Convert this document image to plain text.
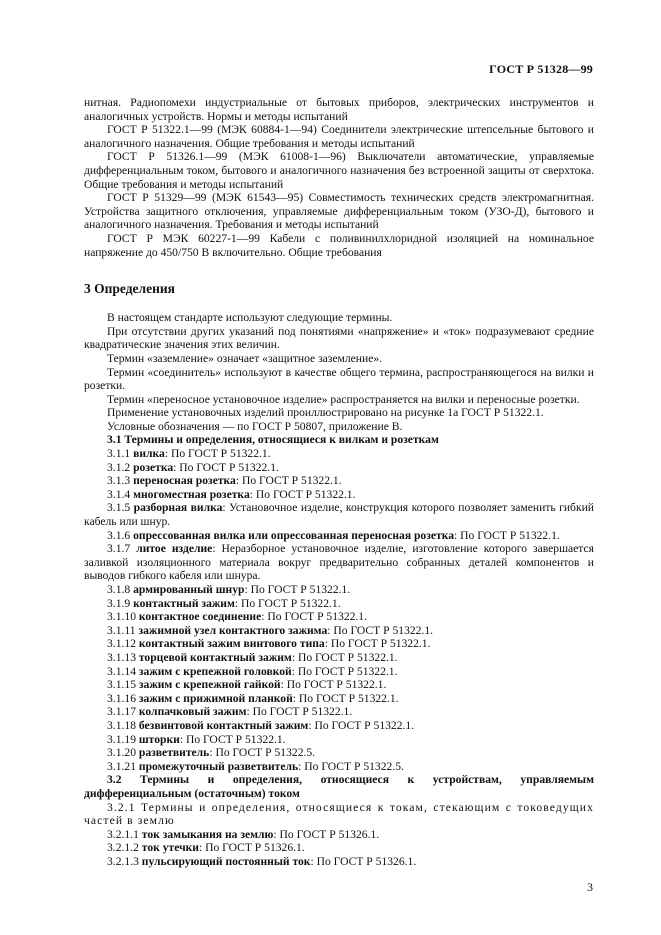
ГОСТ Р 51328—99

нитная. Радиопомехи индустриальные от бытовых приборов, электрических инструментов и аналогичных устройств. Нормы и методы испытаний

ГОСТ Р 51322.1—99 (МЭК 60884-1—94) Соединители электрические штепсельные бытового и аналогичного назначения. Общие требования и методы испытаний

ГОСТ Р 51326.1—99 (МЭК 61008-1—96) Выключатели автоматические, управляемые дифференциальным током, бытового и аналогичного назначения без встроенной защиты от сверхтока. Общие требования и методы испытаний

ГОСТ Р 51329—99 (МЭК 61543—95) Совместимость технических средств электромагнитная. Устройства защитного отключения, управляемые дифференциальным током (УЗО-Д), бытового и аналогичного назначения. Требования и методы испытаний

ГОСТ Р МЭК 60227-1—99 Кабели с поливинилхлоридной изоляцией на номинальное напряжение до 450/750 В включительно. Общие требования

3 Определения

В настоящем стандарте используют следующие термины.

При отсутствии других указаний под понятиями «напряжение» и «ток» подразумевают средние квадратические значения этих величин.

Термин «заземление» означает «защитное заземление».

Термин «соединитель» используют в качестве общего термина, распространяющегося на вилки и розетки.

Термин «переносное установочное изделие» распространяется на вилки и переносные розетки.

Применение установочных изделий проиллюстрировано на рисунке 1а ГОСТ Р 51322.1.

Условные обозначения — по ГОСТ Р 50807, приложение В.

3.1 Термины и определения, относящиеся к вилкам и розеткам

3.1.1 вилка: По ГОСТ Р 51322.1.

3.1.2 розетка: По ГОСТ Р 51322.1.

3.1.3 переносная розетка: По ГОСТ Р 51322.1.

3.1.4 многоместная розетка: По ГОСТ Р 51322.1.

3.1.5 разборная вилка: Установочное изделие, конструкция которого позволяет заменить гибкий кабель или шнур.

3.1.6 опрессованная вилка или опрессованная переносная розетка: По ГОСТ Р 51322.1.

3.1.7 литое изделие: Неразборное установочное изделие, изготовление которого завершается заливкой изоляционного материала вокруг предварительно собранных деталей компонентов и выводов гибкого кабеля или шнура.

3.1.8 армированный шнур: По ГОСТ Р 51322.1.

3.1.9 контактный зажим: По ГОСТ Р 51322.1.

3.1.10 контактное соединение: По ГОСТ Р 51322.1.

3.1.11 зажимной узел контактного зажима: По ГОСТ Р 51322.1.

3.1.12 контактный зажим винтового типа: По ГОСТ Р 51322.1.

3.1.13 торцевой контактный зажим: По ГОСТ Р 51322.1.

3.1.14 зажим с крепежной головкой: По ГОСТ Р 51322.1.

3.1.15 зажим с крепежной гайкой: По ГОСТ Р 51322.1.

3.1.16 зажим с прижимной планкой: По ГОСТ Р 51322.1.

3.1.17 колпачковый зажим: По ГОСТ Р 51322.1.

3.1.18 безвинтовой контактный зажим: По ГОСТ Р 51322.1.

3.1.19 шторки: По ГОСТ Р 51322.1.

3.1.20 разветвитель: По ГОСТ Р 51322.5.

3.1.21 промежуточный разветвитель: По ГОСТ Р 51322.5.

3.2 Термины и определения, относящиеся к устройствам, управляемым дифференциальным (остаточным) током

3.2.1 Термины и определения, относящиеся к токам, стекающим с токоведущих частей в землю

3.2.1.1 ток замыкания на землю: По ГОСТ Р 51326.1.

3.2.1.2 ток утечки: По ГОСТ Р 51326.1.

3.2.1.3 пульсирующий постоянный ток: По ГОСТ Р 51326.1.

3
